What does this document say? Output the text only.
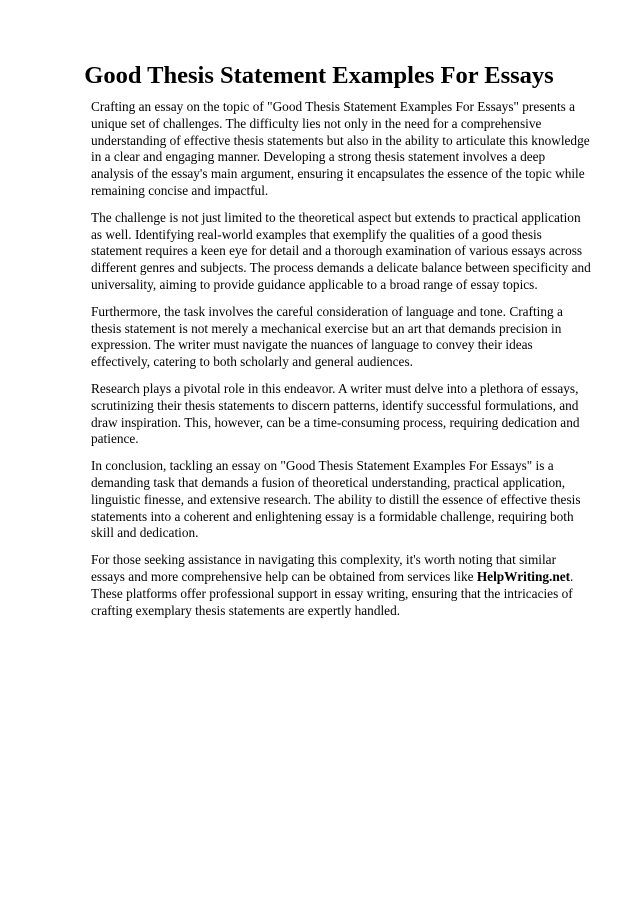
Good Thesis Statement Examples For Essays

Crafting an essay on the topic of "Good Thesis Statement Examples For Essays" presents a unique set of challenges. The difficulty lies not only in the need for a comprehensive understanding of effective thesis statements but also in the ability to articulate this knowledge in a clear and engaging manner. Developing a strong thesis statement involves a deep analysis of the essay's main argument, ensuring it encapsulates the essence of the topic while remaining concise and impactful.

The challenge is not just limited to the theoretical aspect but extends to practical application as well. Identifying real-world examples that exemplify the qualities of a good thesis statement requires a keen eye for detail and a thorough examination of various essays across different genres and subjects. The process demands a delicate balance between specificity and universality, aiming to provide guidance applicable to a broad range of essay topics.

Furthermore, the task involves the careful consideration of language and tone. Crafting a thesis statement is not merely a mechanical exercise but an art that demands precision in expression. The writer must navigate the nuances of language to convey their ideas effectively, catering to both scholarly and general audiences.

Research plays a pivotal role in this endeavor. A writer must delve into a plethora of essays, scrutinizing their thesis statements to discern patterns, identify successful formulations, and draw inspiration. This, however, can be a time-consuming process, requiring dedication and patience.

In conclusion, tackling an essay on "Good Thesis Statement Examples For Essays" is a demanding task that demands a fusion of theoretical understanding, practical application, linguistic finesse, and extensive research. The ability to distill the essence of effective thesis statements into a coherent and enlightening essay is a formidable challenge, requiring both skill and dedication.

For those seeking assistance in navigating this complexity, it's worth noting that similar essays and more comprehensive help can be obtained from services like HelpWriting.net. These platforms offer professional support in essay writing, ensuring that the intricacies of crafting exemplary thesis statements are expertly handled.
